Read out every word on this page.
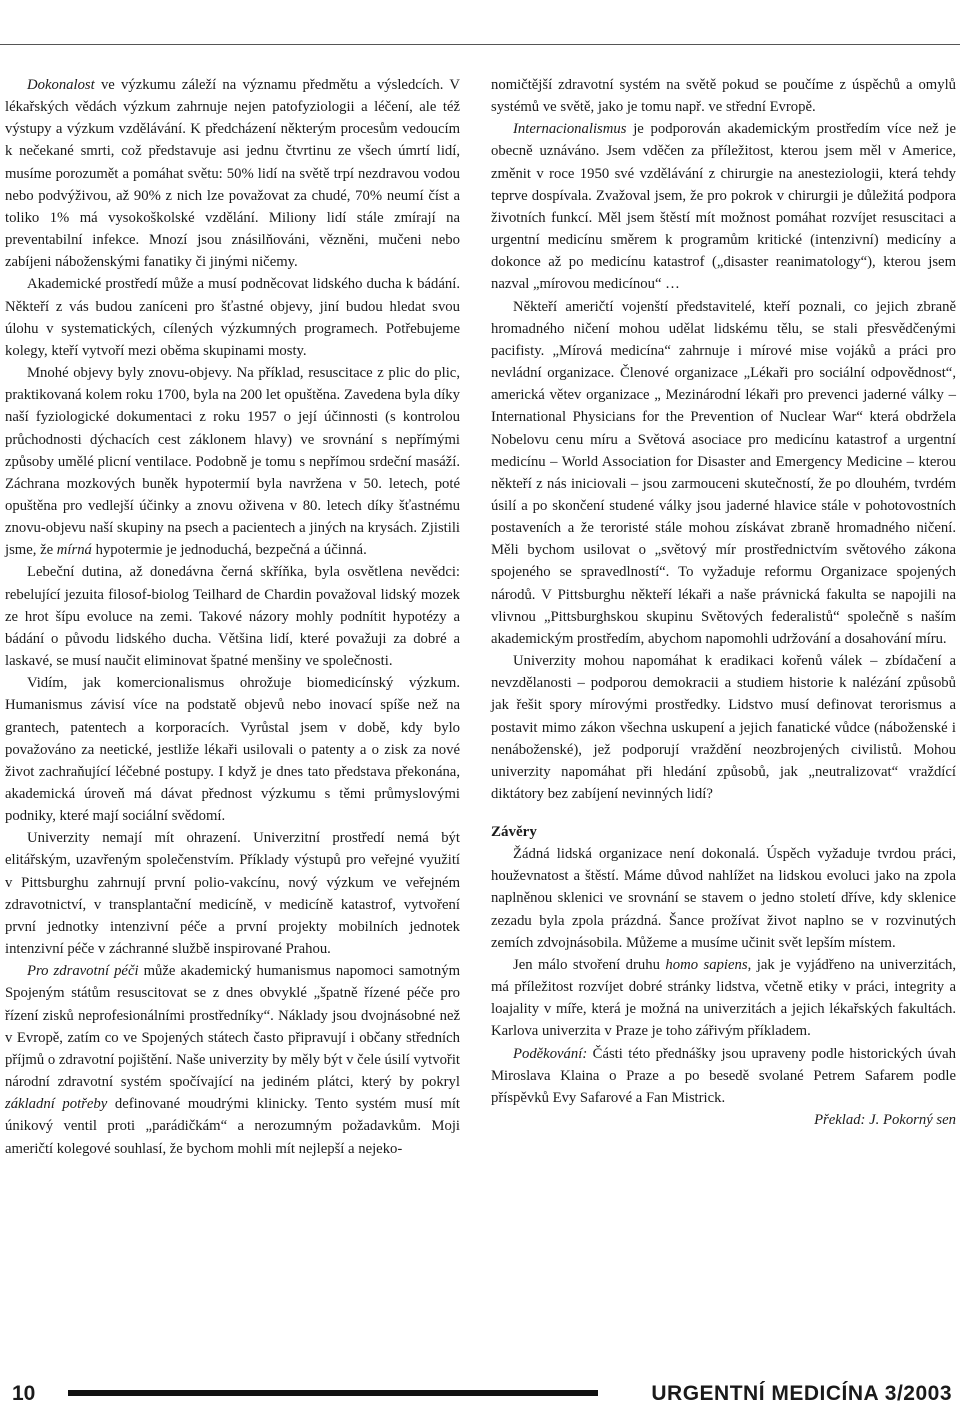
Dokonalost ve výzkumu záleží na významu předmětu a výsledcích. V lékařských vědách výzkum zahrnuje nejen patofyziologii a léčení, ale též výstupy a výzkum vzdělávání. K předcházení některým procesům vedoucím k nečekané smrti, což představuje asi jednu čtvrtinu ze všech úmrtí lidí, musíme porozumět a pomáhat světu: 50% lidí na světě trpí nezdravou vodou nebo podvýživou, až 90% z nich lze považovat za chudé, 70% neumí číst a toliko 1% má vysokoškolské vzdělání. Miliony lidí stále zmírají na preventabilní infekce. Mnozí jsou znásilňováni, vězněni, mučeni nebo zabíjeni náboženskými fanatiky či jinými ničemy.

Akademické prostředí může a musí podněcovat lidského ducha k bádání. Někteří z vás budou zaníceni pro šťastné objevy, jiní budou hledat svou úlohu v systematických, cílených výzkumných programech. Potřebujeme kolegy, kteří vytvoří mezi oběma skupinami mosty.

Mnohé objevy byly znovu-objevy. Na příklad, resuscitace z plic do plic, praktikovaná kolem roku 1700, byla na 200 let opuštěna. Zavedena byla díky naší fyziologické dokumentaci z roku 1957 o její účinnosti (s kontrolou průchodnosti dýchacích cest záklonem hlavy) ve srovnání s nepřímými způsoby umělé plicní ventilace. Podobně je tomu s nepřímou srdeční masáží. Záchrana mozkových buněk hypotermií byla navržena v 50. letech, poté opuštěna pro vedlejší účinky a znovu oživena v 80. letech díky šťastnému znovu-objevu naší skupiny na psech a pacientech a jiných na krysách. Zjistili jsme, že mírná hypotermie je jednoduchá, bezpečná a účinná.

Lebeční dutina, až donedávna černá skříňka, byla osvětlena nevědci: rebelující jezuita filosof-biolog Teilhard de Chardin považoval lidský mozek ze hrot šípu evoluce na zemi. Takové názory mohly podnítit hypotézy a bádání o původu lidského ducha. Většina lidí, které považuji za dobré a laskavé, se musí naučit eliminovat špatné menšiny ve společnosti.

Vidím, jak komercionalismus ohrožuje biomedicínský výzkum. Humanismus závisí více na podstatě objevů nebo inovací spíše než na grantech, patentech a korporacích. Vyrůstal jsem v době, kdy bylo považováno za neetické, jestliže lékaři usilovali o patenty a o zisk za nové život zachraňující léčebné postupy. I když je dnes tato představa překonána, akademická úroveň má dávat přednost výzkumu s těmi průmyslovými podniky, které mají sociální svědomí.

Univerzity nemají mít ohrazení. Univerzitní prostředí nemá být elitářským, uzavřeným společenstvím. Příklady výstupů pro veřejné využití v Pittsburghu zahrnují první polio-vakcínu, nový výzkum ve veřejném zdravotnictví, v transplantační medicíně, v medicíně katastrof, vytvoření první jednotky intenzivní péče a první projekty mobilních jednotek intenzivní péče v záchranné službě inspirované Prahou.

Pro zdravotní péči může akademický humanismus napomoci samotným Spojeným státům resuscitovat se z dnes obvyklé „špatně řízené péče pro řízení zisků neprofesionálními prostředníky“. Náklady jsou dvojnásobné než v Evropě, zatím co ve Spojených státech často připravují i občany středních příjmů o zdravotní pojištění. Naše univerzity by měly být v čele úsilí vytvořit národní zdravotní systém spočívající na jediném plátci, který by pokryl základní potřeby definované moudrými klinicky. Tento systém musí mít únikový ventil proti „parádičkám“ a nerozumným požadavkům. Moji američtí kolegové souhlasí, že bychom mohli mít nejlepší a nejeko-

nomičtější zdravotní systém na světě pokud se poučíme z úspěchů a omylů systémů ve světě, jako je tomu např. ve střední Evropě.

Internacionalismus je podporován akademickým prostředím více než je obecně uznáváno. Jsem vděčen za příležitost, kterou jsem měl v Americe, změnit v roce 1950 své vzdělávání z chirurgie na anesteziologii, která tehdy teprve dospívala. Zvažoval jsem, že pro pokrok v chirurgii je důležitá podpora životních funkcí. Měl jsem štěstí mít možnost pomáhat rozvíjet resuscitaci a urgentní medicínu směrem k programům kritické (intenzivní) medicíny a dokonce až po medicínu katastrof („disaster reanimatology“), kterou jsem nazval „mírovou medicínou“ …

Někteří američtí vojenští představitelé, kteří poznali, co jejich zbraně hromadného ničení mohou udělat lidskému tělu, se stali přesvědčenými pacifisty. „Mírová medicína“ zahrnuje i mírové mise vojáků a práci pro nevládní organizace. Členové organizace „Lékaři pro sociální odpovědnost“, americká větev organizace „ Mezinárodní lékaři pro prevenci jaderné války – International Physicians for the Prevention of Nuclear War“ která obdržela Nobelovu cenu míru a Světová asociace pro medicínu katastrof a urgentní medicínu – World Association for Disaster and Emergency Medicine – kterou někteří z nás iniciovali – jsou zarmouceni skutečností, že po dlouhém, tvrdém úsilí a po skončení studené války jsou jaderné hlavice stále v pohotovostních postaveních a že teroristé stále mohou získávat zbraně hromadného ničení. Měli bychom usilovat o „světový mír prostřednictvím světového zákona spojeného se spravedlností“. To vyžaduje reformu Organizace spojených národů. V Pittsburghu někteří lékaři a naše právnická fakulta se napojili na vlivnou „Pittsburghskou skupinu Světových federalistů“ společně s naším akademickým prostředím, abychom napomohli udržování a dosahování míru.

Univerzity mohou napomáhat k eradikaci kořenů válek – zbídačení a nevzdělanosti – podporou demokracii a studiem historie k nalézání způsobů jak řešit spory mírovými prostředky. Lidstvo musí definovat terorismus a postavit mimo zákon všechna uskupení a jejich fanatické vůdce (náboženské i nenáboženské), jež podporují vraždění neozbrojených civilistů. Mohou univerzity napomáhat při hledání způsobů, jak „neutralizovat“ vraždící diktátory bez zabíjení nevinných lidí?

Závěry

Žádná lidská organizace není dokonalá. Úspěch vyžaduje tvrdou práci, houževnatost a štěstí. Máme důvod nahlížet na lidskou evoluci jako na zpola naplněnou sklenici ve srovnání se stavem o jedno století dříve, kdy sklenice zezadu byla zpola prázdná. Šance prožívat život naplno se v rozvinutých zemích zdvojnásobila. Můžeme a musíme učinit svět lepším místem.

Jen málo stvoření druhu homo sapiens, jak je vyjádřeno na univerzitách, má příležitost rozvíjet dobré stránky lidstva, včetně etiky v práci, integrity a loajality v míře, která je možná na univerzitách a jejich lékařských fakultách. Karlova univerzita v Praze je toho zářivým příkladem.

Poděkování: Části této přednášky jsou upraveny podle historických úvah Miroslava Klaina o Praze a po besedě svolané Petrem Safarem podle příspěvků Evy Safarové a Fan Mistrick.

Překlad: J. Pokorný sen

10	URGENTNÍ MEDICÍNA 3/2003
